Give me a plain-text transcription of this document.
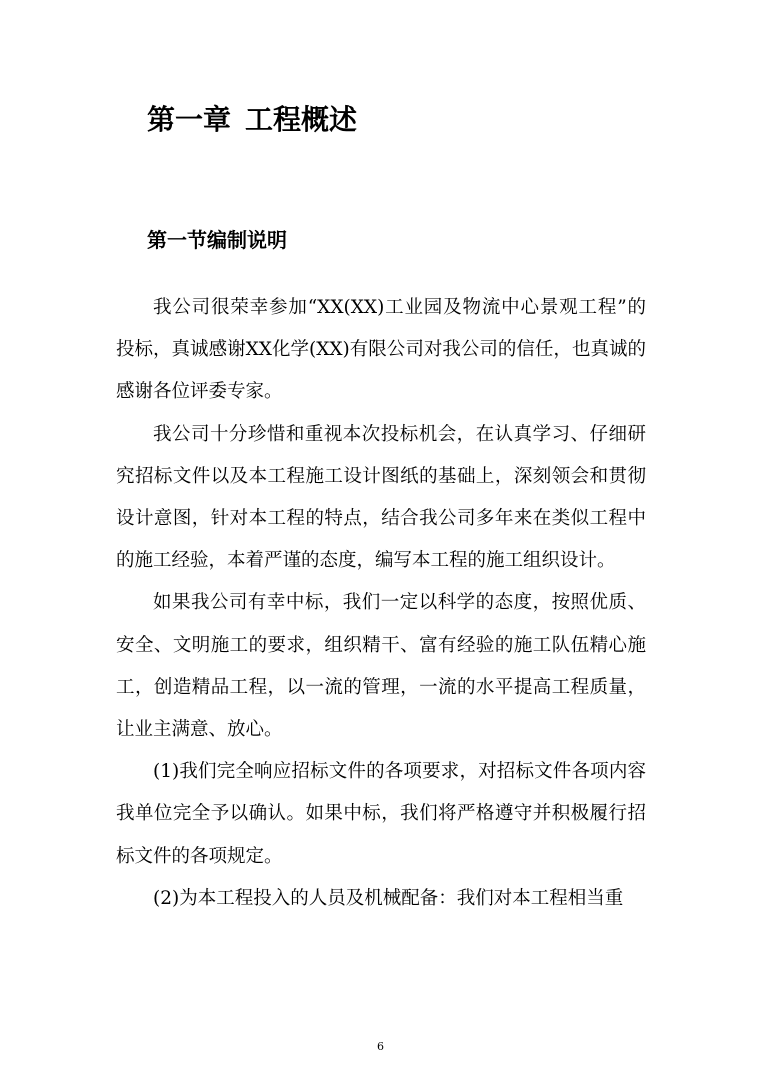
第一章 工程概述
第一节编制说明

我公司很荣幸参加“XX(XX)工业园及物流中心景观工程”的投标，真诚感谢XX化学(XX)有限公司对我公司的信任，也真诚的感谢各位评委专家。

我公司十分珍惜和重视本次投标机会，在认真学习、仔细研究招标文件以及本工程施工设计图纸的基础上，深刻领会和贯彻设计意图，针对本工程的特点，结合我公司多年来在类似工程中的施工经验，本着严谨的态度，编写本工程的施工组织设计。

如果我公司有幸中标，我们一定以科学的态度，按照优质、安全、文明施工的要求，组织精干、富有经验的施工队伍精心施工，创造精品工程，以一流的管理，一流的水平提高工程质量，让业主满意、放心。

(1)我们完全响应招标文件的各项要求，对招标文件各项内容我单位完全予以确认。如果中标，我们将严格遵守并积极履行招标文件的各项规定。

(2)为本工程投入的人员及机械配备：我们对本工程相当重

6
